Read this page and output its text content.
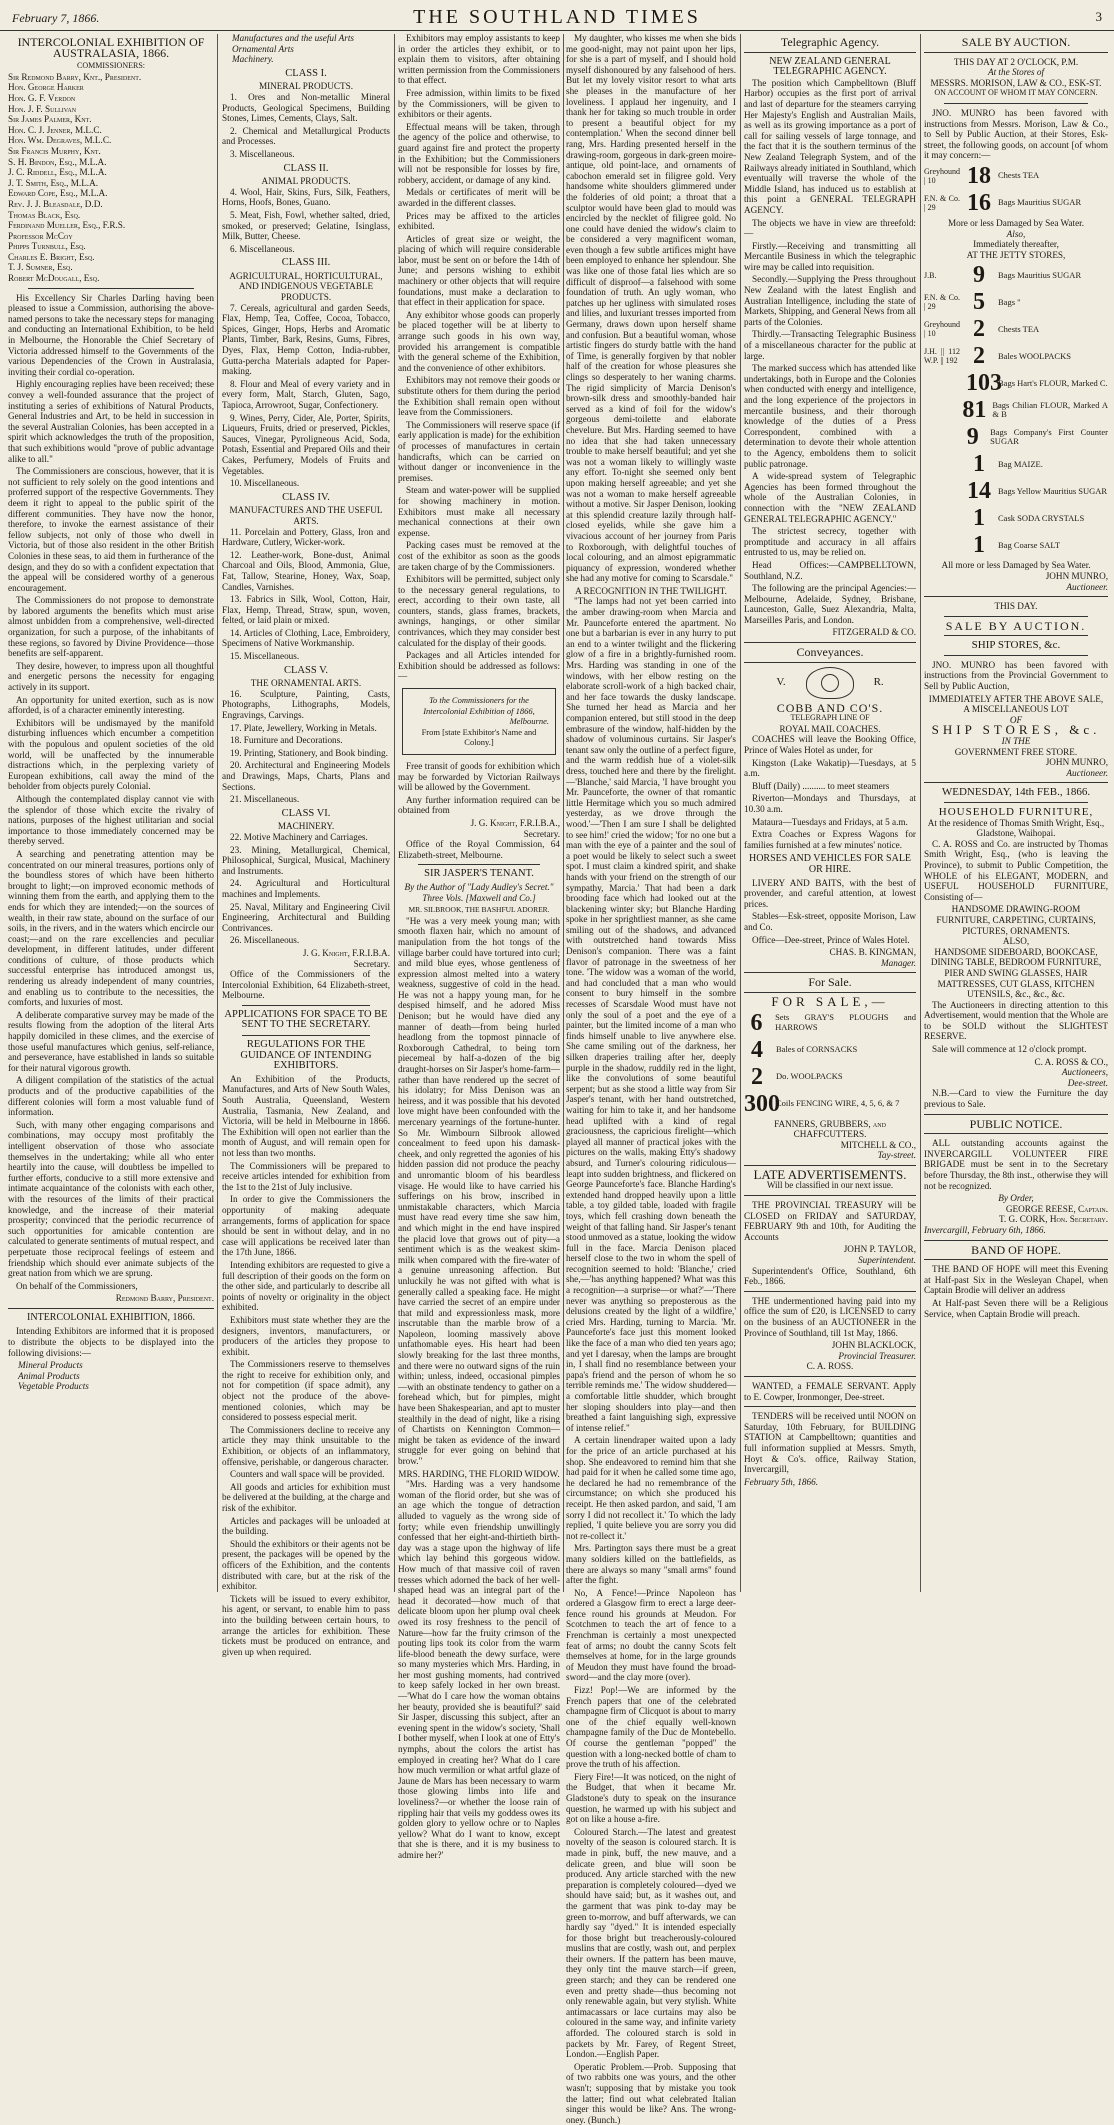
February 7, 1866.	THE SOUTHLAND TIMES	3
INTERCOLONIAL EXHIBITION OF AUSTRALASIA, 1866.
COMMISSIONERS:
Sir Redmond Barry, Knt., President.
Hon. George Harker
Hon. G. F. Verdon
Hon. J. F. Sullivan
Sir James Palmer, Knt.
Hon. C. J. Jenner, M.L.C.
Hon. Wm. Degraves, M.L.C.
Sir Francis Murphy, Knt.
S. H. Bindon, Esq., M.L.A.
J. C. Riddell, Esq., M.L.A.
J. T. Smith, Esq., M.L.A.
Edward Cope, Esq., M.L.A.
Rev. J. J. Bleasdale, D.D.
Thomas Black, Esq.
Ferdinand Mueller, Esq., F.R.S.
Professor McCoy
Phipps Turnbull, Esq.
Charles E. Bright, Esq.
T. J. Sumner, Esq.
Robert McDougall, Esq.

His Excellency Sir Charles Darling having been pleased to issue a Commission, authorising the above-named persons to take the necessary steps for managing and conducting an International Exhibition, to be held in Melbourne, the Honorable the Chief Secretary of Victoria addressed himself to the Governments of the various Dependencies of the Crown in Australasia, inviting their cordial co-operation.

Highly encouraging replies have been received; these convey a well-founded assurance that the project of instituting a series of exhibitions of Natural Products, General Industries and Art, to be held in succession in the several Australian Colonies, has been accepted in a spirit which acknowledges the truth of the proposition, that such exhibitions would "prove of public advantage alike to all."

The Commissioners are conscious, however, that it is not sufficient to rely solely on the good intentions and proferred support of the respective Governments. They deem it right to appeal to the public spirit of the different communities. They have now the honor, therefore, to invoke the earnest assistance of their fellow subjects, not only of those who dwell in Victoria, but of those also resident in the other British Colonies in these seas, to aid them in furtherance of the design, and they do so with a confident expectation that the appeal will be considered worthy of a generous encouragement.

The Commissioners do not propose to demonstrate by labored arguments the benefits which must arise almost unbidden from a comprehensive, well-directed organization, for such a purpose, of the inhabitants of these regions, so favored by Divine Providence—those benefits are self-apparent.

They desire, however, to impress upon all thoughtful and energetic persons the necessity for engaging actively in its support.

An opportunity for united exertion, such as is now afforded, is of a character eminently interesting.

Exhibitors will be undismayed by the manifold disturbing influences which encumber a competition with the populous and opulent societies of the old world, will be unaffected by the innumerable distractions which, in the perplexing variety of European exhibitions, call away the mind of the beholder from objects purely Colonial.

Although the contemplated display cannot vie with the splendor of those which excite the rivalry of nations, purposes of the highest utilitarian and social importance to those immediately concerned may be thereby served.

A searching and penetrating attention may be concentrated on our mineral treasures, portions only of the boundless stores of which have been hitherto brought to light;—on improved economic methods of winning them from the earth, and applying them to the ends for which they are intended;—on the sources of wealth, in their raw state, abound on the surface of our soils, in the rivers, and in the waters which encircle our coast;—and on the rare excellencies and peculiar development, in different latitudes, under different conditions of culture, of those products which successful enterprise has introduced amongst us, rendering us already independent of many countries, and enabling us to contribute to the necessities, the comforts, and luxuries of most.

A deliberate comparative survey may be made of the results flowing from the adoption of the literal Arts happily domiciled in these climes, and the exercise of those useful manufactures which genius, self-reliance, and perseverance, have established in lands so suitable for their natural vigorous growth.

A diligent compilation of the statistics of the actual products and of the productive capabilities of the different colonies will form a most valuable fund of information.

Such, with many other engaging comparisons and combinations, may occupy most profitably the intelligent observation of those who associate themselves in the undertaking; while all who enter heartily into the cause, will doubtless be impelled to further efforts, conducive to a still more extensive and intimate acquaintance of the colonists with each other, with the resources of the limits of their practical knowledge, and the increase of their material prosperity; convinced that the periodic recurrence of such opportunities for amicable contention are calculated to generate sentiments of mutual respect, and perpetuate those reciprocal feelings of esteem and friendship which should ever animate subjects of the great nation from which we are sprung.

On behalf of the Commissioners,

Redmond Barry, President.
INTERCOLONIAL EXHIBITION, 1866.

Intending Exhibitors are informed that it is proposed to distribute the objects to be displayed into the following divisions:—

Mineral Products
Animal Products
Vegetable Products
Manufactures and the useful Arts
Ornamental Arts
Machinery.
CLASS I.
MINERAL PRODUCTS.

1. Ores and Non-metallic Mineral Products, Geological Specimens, Building Stones, Limes, Cements, Clays, Salt.

2. Chemical and Metallurgical Products and Processes.

3. Miscellaneous.

CLASS II.
ANIMAL PRODUCTS.

4. Wool, Hair, Skins, Furs, Silk, Feathers, Horns, Hoofs, Bones, Guano.

5. Meat, Fish, Fowl, whether salted, dried, smoked, or preserved; Gelatine, Isinglass, Milk, Butter, Cheese.

6. Miscellaneous.

CLASS III.
AGRICULTURAL, HORTICULTURAL, AND INDIGENOUS VEGETABLE PRODUCTS.

7. Cereals, agricultural and garden Seeds, Flax, Hemp, Tea, Coffee, Cocoa, Tobacco, Spices, Ginger, Hops, Herbs and Aromatic Plants, Timber, Bark, Resins, Gums, Fibres, Dyes, Flax, Hemp Cotton, India-rubber, Gutta-percha Materials adapted for Paper-making.

8. Flour and Meal of every variety and in every form, Malt, Starch, Gluten, Sago, Tapioca, Arrowroot, Sugar, Confectionery.

9. Wines, Perry, Cider, Ale, Porter, Spirits, Liqueurs, Fruits, dried or preserved, Pickles, Sauces, Vinegar, Pyroligneous Acid, Soda, Potash, Essential and Prepared Oils and their Cakes, Perfumery, Models of Fruits and Vegetables.

10. Miscellaneous.

CLASS IV.
MANUFACTURES AND THE USEFUL ARTS.

11. Porcelain and Pottery, Glass, Iron and Hardware, Cutlery, Wicker-work.

12. Leather-work, Bone-dust, Animal Charcoal and Oils, Blood, Ammonia, Glue, Fat, Tallow, Stearine, Honey, Wax, Soap, Candles, Varnishes.

13. Fabrics in Silk, Wool, Cotton, Hair, Flax, Hemp, Thread, Straw, spun, woven, felted, or laid plain or mixed.

14. Articles of Clothing, Lace, Embroidery, Specimens of Native Workmanship.

15. Miscellaneous.

CLASS V.
THE ORNAMENTAL ARTS.

16. Sculpture, Painting, Casts, Photographs, Lithographs, Models, Engravings, Carvings.

17. Plate, Jewellery, Working in Metals.

18. Furniture and Decorations.

19. Printing, Stationery, and Book binding.

20. Architectural and Engineering Models and Drawings, Maps, Charts, Plans and Sections.

21. Miscellaneous.

CLASS VI.
MACHINERY.

22. Motive Machinery and Carriages.

23. Mining, Metallurgical, Chemical, Philosophical, Surgical, Musical, Machinery and Instruments.

24. Agricultural and Horticultural machines and Implements.

25. Naval, Military and Engineering Civil Engineering, Architectural and Building Contrivances.

26. Miscellaneous.

J. G. Knight, F.R.I.B.A.
Secretary.

Office of the Commissioners of the Intercolonial Exhibition, 64 Elizabeth-street, Melbourne.

APPLICATIONS FOR SPACE TO BE SENT TO THE SECRETARY.
REGULATIONS FOR THE GUIDANCE OF INTENDING EXHIBITORS.

An Exhibition of the Products, Manufactures, and Arts of New South Wales, South Australia, Queensland, Western Australia, Tasmania, New Zealand, and Victoria, will be held in Melbourne in 1866. The Exhibition will open not earlier than the month of August, and will remain open for not less than two months.

The Commissioners will be prepared to receive articles intended for exhibition from the 1st to the 21st of July inclusive.

In order to give the Commissioners the opportunity of making adequate arrangements, forms of application for space should be sent in without delay, and in no case will applications be received later than the 17th June, 1866.

Intending exhibitors are requested to give a full description of their goods on the form on the other side, and particularly to describe all points of novelty or originality in the object exhibited.

Exhibitors must state whether they are the designers, inventors, manufacturers, or producers of the articles they propose to exhibit.

The Commissioners reserve to themselves the right to receive for exhibition only, and not for competition (if space admit), any object not the produce of the above-mentioned colonies, which may be considered to possess especial merit.

The Commissioners decline to receive any article they may think unsuitable to the Exhibition, or objects of an inflammatory, offensive, perishable, or dangerous character.

Counters and wall space will be provided.

All goods and articles for exhibition must be delivered at the building, at the charge and risk of the exhibitor.

Articles and packages will be unloaded at the building.

Should the exhibitors or their agents not be present, the packages will be opened by the officers of the Exhibition, and the contents distributed with care, but at the risk of the exhibitor.

Tickets will be issued to every exhibitor, his agent, or servant, to enable him to pass into the building between certain hours, to arrange the articles for exhibition. These tickets must be produced on entrance, and given up when required.

Exhibitors may employ assistants to keep in order the articles they exhibit, or to explain them to visitors, after obtaining written permission from the Commissioners to that effect.

Free admission, within limits to be fixed by the Commissioners, will be given to exhibitors or their agents.

Effectual means will be taken, through the agency of the police and otherwise, to guard against fire and protect the property in the Exhibition; but the Commissioners will not be responsible for losses by fire, robbery, accident, or damage of any kind.

Medals or certificates of merit will be awarded in the different classes.

Prices may be affixed to the articles exhibited.

Articles of great size or weight, the placing of which will require considerable labor, must be sent on or before the 14th of June; and persons wishing to exhibit machinery or other objects that will require foundations, must make a declaration to that effect in their application for space.

Any exhibitor whose goods can properly be placed together will be at liberty to arrange such goods in his own way, provided his arrangement is compatible with the general scheme of the Exhibition, and the convenience of other exhibitors.

Exhibitors may not remove their goods or substitute others for them during the period the Exhibition shall remain open without leave from the Commissioners.

The Commissioners will reserve space (if early application is made) for the exhibition of processes of manufactures in certain handicrafts, which can be carried on without danger or inconvenience in the premises.

Steam and water-power will be supplied for showing machinery in motion. Exhibitors must make all necessary mechanical connections at their own expense.

Packing cases must be removed at the cost of the exhibitor as soon as the goods are taken charge of by the Commissioners.

Exhibitors will be permitted, subject only to the necessary general regulations, to erect, according to their own taste, all counters, stands, glass frames, brackets, awnings, hangings, or other similar contrivances, which they may consider best calculated for the display of their goods.

Packages and all Articles intended for Exhibition should be addressed as follows:—

To the Commissioners for the
Intercolonial Exhibition of 1866,
Melbourne.
From [state Exhibitor's Name and Colony.]

Free transit of goods for exhibition which may be forwarded by Victorian Railways will be allowed by the Government.

Any further information required can be obtained from

J. G. Knight, F.R.I.B.A.,
Secretary.

Office of the Royal Commission, 64 Elizabeth-street, Melbourne.

SIR JASPER'S TENANT.

By the Author of "Lady Audley's Secret." Three Vols. [Maxwell and Co.]

MR. SILBROOK, THE BASHFUL ADORER.

"He was a very meek young man; with smooth flaxen hair, which no amount of manipulation from the hot tongs of the village barber could have tortured into curl; and mild blue eyes, whose gentleness of expression almost melted into a watery weakness, suggestive of cold in the head. He was not a happy young man, for he despised himself, and he adored Miss Denison; but he would have died any manner of death—from being hurled headlong from the topmost pinnacle of Roxborough Cathedral, to being torn piecemeal by half-a-dozen of the big draught-horses on Sir Jasper's home-farm—rather than have rendered up the secret of his idolatry; for Miss Denison was an heiress, and it was possible that his devoted love might have been confounded with the mercenary yearnings of the fortune-hunter. So Mr. Wimbourn Silbrook allowed concealment to feed upon his damask-cheek, and only regretted the agonies of his hidden passion did not produce the peachy and unromantic bloom of his beardless visage. He would like to have carried his sufferings on his brow, inscribed in unmistakable characters, which Marcia must have read every time she saw him, and which might in the end have inspired the placid love that grows out of pity—a sentiment which is as the weakest skim-milk when compared with the fire-water of a genuine unreasoning affection. But unluckily he was not gifted with what is generally called a speaking face. He might have carried the secret of an empire under that mild and expressionless mask, more inscrutable than the marble brow of a Napoleon, looming massively above unfathomable eyes. His heart had been slowly breaking for the last three months, and there were no outward signs of the ruin within; unless, indeed, occasional pimples—with an obstinate tendency to gather on a forehead which, but for pimples, might have been Shakespearian, and apt to muster stealthily in the dead of night, like a rising of Chartists on Kennington Common—might be taken as evidence of the inward struggle for ever going on behind that brow."

MRS. HARDING, THE FLORID WIDOW.

"Mrs. Harding was a very handsome woman of the florid order, but she was of an age which the tongue of detraction alluded to vaguely as the wrong side of forty; while even friendship unwillingly confessed that her eight-and-thirtieth birth-day was a stage upon the highway of life which lay behind this gorgeous widow. How much of that massive coil of raven tresses which adorned the back of her well-shaped head was an integral part of the head it decorated—how much of that delicate bloom upon her plump oval cheek owed its rosy freshness to the pencil of Nature—how far the fruity crimson of the pouting lips took its color from the warm life-blood beneath the dewy surface, were so many mysteries which Mrs. Harding, in her most gushing moments, had contrived to keep safely locked in her own breast.—'What do I care how the woman obtains her beauty, provided she is beautiful?' said Sir Jasper, discussing this subject, after an evening spent in the widow's society, 'Shall I bother myself, when I look at one of Etty's nymphs, about the colors the artist has employed in creating her? What do I care how much vermilion or what artful glaze of Jaune de Mars has been necessary to warm those glowing limbs into life and loveliness?—or whether the loose rain of rippling hair that veils my goddess owes its golden glory to yellow ochre or to Naples yellow? What do I want to know, except that she is there, and it is my business to admire her?'

My daughter, who kisses me when she bids me good-night, may not paint upon her lips, for she is a part of myself, and I should hold myself dishonoured by any falsehood of hers. But let my lovely visitor resort to what arts she pleases in the manufacture of her loveliness. I applaud her ingenuity, and I thank her for taking so much trouble in order to present a beautiful object for my contemplation.' When the second dinner bell rang, Mrs. Harding presented herself in the drawing-room, gorgeous in dark-green moire-antique, old point-lace, and ornaments of cabochon emerald set in filigree gold. Very handsome white shoulders glimmered under the folderies of old point; a throat that a sculptor would have been glad to mould was encircled by the necklet of filigree gold. No one could have denied the widow's claim to be considered a very magnificent woman, even though a few subtle artifices might have been employed to enhance her splendour. She was like one of those fatal lies which are so difficult of disproof—a falsehood with some foundation of truth. An ugly woman, who patches up her ugliness with simulated roses and lilies, and luxuriant tresses imported from Germany, draws down upon herself shame and confusion. But a beautiful woman, whose artistic fingers do sturdy battle with the hand of Time, is generally forgiven by that nobler half of the creation for whose pleasures she clings so desperately to her waning charms. The rigid simplicity of Marcia Denison's brown-silk dress and smoothly-banded hair served as a kind of foil for the widow's gorgeous demi-toilette and elaborate chevelure. But Mrs. Harding seemed to have no idea that she had taken unnecessary trouble to make herself beautiful; and yet she was not a woman likely to willingly waste any effort. To-night she seemed only bent upon making herself agreeable; and yet she was not a woman to make herself agreeable without a motive. Sir Jasper Denison, looking at this splendid creature lazily through half-closed eyelids, while she gave him a vivacious account of her journey from Paris to Roxborough, with delightful touches of local colouring, and an almost epigrammatic piquancy of expression, wondered whether she had any motive for coming to Scarsdale."

A RECOGNITION IN THE TWILIGHT.

"The lamps had not yet been carried into the amber drawing-room when Marcia and Mr. Paunceforte entered the apartment. No one but a barbarian is ever in any hurry to put an end to a winter twilight and the flickering glow of a fire in a brightly-furnished room. Mrs. Harding was standing in one of the windows, with her elbow resting on the elaborate scroll-work of a high backed chair, and her face towards the dusky landscape. She turned her head as Marcia and her companion entered, but still stood in the deep embrasure of the window, half-hidden by the shadow of voluminous curtains. Sir Jasper's tenant saw only the outline of a perfect figure, and the warm reddish hue of a violet-silk dress, touched here and there by the firelight.—'Blanche,' said Marcia, 'I have brought you Mr. Paunceforte, the owner of that romantic little Hermitage which you so much admired yesterday, as we drove through the wood.'—'Then I am sure I shall be delighted to see him!' cried the widow; 'for no one but a man with the eye of a painter and the soul of a poet would be likely to select such a sweet spot. I must claim a kindred spirit, and shake hands with your friend on the strength of our sympathy, Marcia.' That had been a dark brooding face which had looked out at the blackening winter sky; but Blanche Harding spoke in her sprightliest manner, as she came smiling out of the shadows, and advanced with outstretched hand towards Miss Denison's companion. There was a faint flavor of patronage in the sweetness of her tone. 'The widow was a woman of the world, and had concluded that a man who would consent to bury himself in the sombre recesses of Scarsdale Wood must have not only the soul of a poet and the eye of a painter, but the limited income of a man who finds himself unable to live anywhere else. She came smiling out of the darkness, her silken draperies trailing after her, deeply purple in the shadow, ruddily red in the light, like the convolutions of some beautiful serpent; but as she stood a little way from Sir Jasper's tenant, with her hand outstretched, waiting for him to take it, and her handsome head uplifted with a kind of regal graciousness, the capricious firelight—which played all manner of practical jokes with the pictures on the walls, making Etty's shadowy absurd, and Turner's colouring ridiculous—leapt into sudden brightness, and flickered on George Paunceforte's face. Blanche Harding's extended hand dropped heavily upon a little table, a toy gilded table, loaded with fragile toys, which fell crashing down beneath the weight of that falling hand. Sir Jasper's tenant stood unmoved as a statue, looking the widow full in the face. Marcia Denison placed herself close to the two in whom the spell of recognition seemed to hold: 'Blanche,' cried she,—'has anything happened? What was this a recognition—a surprise—or what?'—'There never was anything so preposterous as the delusions created by the light of a wildfire,' cried Mrs. Harding, turning to Marcia. 'Mr. Paunceforte's face just this moment looked like the face of a man who died ten years ago; and yet I daresay, when the lamps are brought in, I shall find no resemblance between your papa's friend and the person of whom he so terrible reminds me.' The widow shuddered—a comfortable little shudder, which brought her sloping shoulders into play—and then breathed a faint languishing sigh, expressive of intense relief."

A certain linendraper waited upon a lady for the price of an article purchased at his shop. She endeavored to remind him that she had paid for it when he called some time ago, he declared he had no remembrance of the circumstance; on which she produced his receipt. He then asked pardon, and said, 'I am sorry I did not recollect it.' To which the lady replied, 'I quite believe you are sorry you did not re-collect it.'

Mrs. Partington says there must be a great many soldiers killed on the battlefields, as there are always so many "small arms" found after the fight.

No, A Fence!—Prince Napoleon has ordered a Glasgow firm to erect a large deer-fence round his grounds at Meudon. For Scotchmen to teach the art of fence to a Frenchman is certainly a most unexpected feat of arms; no doubt the canny Scots felt themselves at home, for in the large grounds of Meudon they must have found the broad-sword—and the clay more (over).

Fizz! Pop!—We are informed by the French papers that one of the celebrated champagne firm of Clicquot is about to marry one of the chief equally well-known champagne family of the Duc de Montebello. Of course the gentleman "popped" the question with a long-necked bottle of cham to prove the truth of his affection.

Fiery Fire!—It was noticed, on the night of the Budget, that when it became Mr. Gladstone's duty to speak on the insurance question, he warmed up with his subject and got on like a house a-fire.

Coloured Starch.—The latest and greatest novelty of the season is coloured starch. It is made in pink, buff, the new mauve, and a delicate green, and blue will soon be produced. Any article starched with the new preparation is completely coloured—dyed we should have said; but, as it washes out, and the garment that was pink to-day may be green to-morrow, and buff afterwards, we can hardly say "dyed." It is intended especially for those bright but treacherously-coloured muslins that are costly, wash out, and perplex their owners. If the pattern has been mauve, they only tint the mauve starch—if green, green starch; and they can be rendered one even and pretty shade—thus becoming not only renewable again, but very stylish. White antimacassars or lace curtains may also be coloured in the same way, and infinite variety afforded. The coloured starch is sold in packets by Mr. Farey, of Regent Street, London.—English Paper.

Operatic Problem.—Prob. Supposing that of two rabbits one was yours, and the other wasn't; supposing that by mistake you took the latter; find out what celebrated Italian singer this would be like? Ans. The wrong-oney. (Bunch.)

Telegraphic Agency.
NEW ZEALAND GENERAL TELEGRAPHIC AGENCY.

The position which Campbelltown (Bluff Harbor) occupies as the first port of arrival and last of departure for the steamers carrying Her Majesty's English and Australian Mails, as well as its growing importance as a port of call for sailing vessels of large tonnage, and the fact that it is the southern terminus of the New Zealand Telegraph System, and of the Railways already initiated in Southland, which eventually will traverse the whole of the Middle Island, has induced us to establish at this point a GENERAL TELEGRAPH AGENCY.

The objects we have in view are threefold:—

Firstly.—Receiving and transmitting all Mercantile Business in which the telegraphic wire may be called into requisition.

Secondly.—Supplying the Press throughout New Zealand with the latest English and Australian Intelligence, including the state of Markets, Shipping, and General News from all parts of the Colonies.

Thirdly.—Transacting Telegraphic Business of a miscellaneous character for the public at large.

The marked success which has attended like undertakings, both in Europe and the Colonies when conducted with energy and intelligence, and the long experience of the projectors in mercantile business, and their thorough knowledge of the duties of a Press Correspondent, combined with a determination to devote their whole attention to the Agency, emboldens them to solicit public patronage.

A wide-spread system of Telegraphic Agencies has been formed throughout the whole of the Australian Colonies, in connection with the "NEW ZEALAND GENERAL TELEGRAPHIC AGENCY."

The strictest secrecy, together with promptitude and accuracy in all affairs entrusted to us, may be relied on.

Head Offices:—CAMPBELLTOWN, Southland, N.Z.

The following are the principal Agencies:—Melbourne, Adelaide, Sydney, Brisbane, Launceston, Galle, Suez Alexandria, Malta, Marseilles Paris, and London.

FITZGERALD & CO.
Conveyances.
V.	R.
COBB AND CO'S.
TELEGRAPH LINE OF
ROYAL MAIL COACHES.

COACHES will leave the Booking Office, Prince of Wales Hotel as under, for

Kingston (Lake Wakatip)—Tuesdays, at 5 a.m.

Bluff (Daily) .......... to meet steamers

Riverton—Mondays and Thursdays, at 10.30 a.m.

Mataura—Tuesdays and Fridays, at 5 a.m.

Extra Coaches or Express Wagons for families furnished at a few minutes' notice.

HORSES AND VEHICLES FOR SALE OR HIRE.

LIVERY AND BAITS, with the best of provender, and careful attention, at lowest prices.

Stables—Esk-street, opposite Morison, Law and Co.

Office—Dee-street, Prince of Wales Hotel.

CHAS. B. KINGMAN,
Manager.
For Sale.
FOR SALE,—
6	Sets GRAY'S PLOUGHS and HARROWS
4	Bales of CORNSACKS
2	Do. WOOLPACKS
300
Coils FENCING WIRE, 4, 5, 6, & 7
FANNERS, GRUBBERS, and CHAFFCUTTERS.
MITCHELL & CO.,
Tay-street.
LATE ADVERTISEMENTS.
Will be classified in our next issue.

THE PROVINCIAL TREASURY will be CLOSED on FRIDAY and SATURDAY, FEBRUARY 9th and 10th, for Auditing the Accounts

JOHN P. TAYLOR,
Superintendent.

Superintendent's Office, Southland, 6th Feb., 1866.

THE undermentioned having paid into my office the sum of £20, is LICENSED to carry on the business of an AUCTIONEER in the Province of Southland, till 1st May, 1866.

JOHN BLACKLOCK,
Provincial Treasurer.
C. A. ROSS.

WANTED, a FEMALE SERVANT. Apply to E. Cowper, Ironmonger, Dee-street.

TENDERS will be received until NOON on Saturday, 10th February, for BUILDING STATION at Campbelltown; quantities and full information supplied at Messrs. Smyth, Hoyt & Co's. office, Railway Station, Invercargill,

February 5th, 1866.
SALE BY AUCTION.
THIS DAY AT 2 O'CLOCK, P.M.
At the Stores of
MESSRS. MORISON, LAW & CO., ESK-ST.
ON ACCOUNT OF WHOM IT MAY CONCERN.

JNO. MUNRO has been favored with instructions from Messrs. Morison, Law & Co., to Sell by Public Auction, at their Stores, Esk-street, the following goods, on account [of whom it may concern:—

Greyhound | 10	18 Chests TEA
F.N. & Co. | 29	16 Bags Mauritius SUGAR
More or less Damaged by Sea Water.
Also,
Immediately thereafter,
AT THE JETTY STORES,
J.B.	9	Bags Mauritius SUGAR
F.N. & Co. | 29	5	Bags "
Greyhound | 10	2	Chests TEA
J.H. || 112 W.P. || 192 2	Bales WOOLPACKS
103
Bags Hart's FLOUR, Marked C.
81 Bags Chilian FLOUR, Marked A & B
9	Bags Company's First Counter SUGAR
1	Bag MAIZE.
14 Bags Yellow Mauritius SUGAR
1	Cask SODA CRYSTALS
1	Bag Coarse SALT
All more or less Damaged by Sea Water.
JOHN MUNRO,
Auctioneer.
THIS DAY.
SALE BY AUCTION.
SHIP STORES, &c.

JNO. MUNRO has been favored with instructions from the Provincial Government to Sell by Public Auction,

IMMEDIATELY AFTER THE ABOVE SALE,
A MISCELLANEOUS LOT
OF
SHIP STORES, &c.
IN THE
GOVERNMENT FREE STORE.
JOHN MUNRO,
Auctioneer.
WEDNESDAY, 14th FEB., 1866.
HOUSEHOLD FURNITURE,
At the residence of Thomas Smith Wright, Esq., Gladstone, Waihopai.

C. A. ROSS and Co. are instructed by Thomas Smith Wright, Esq., (who is leaving the Province), to submit to Public Competition, the WHOLE of his ELEGANT, MODERN, and USEFUL HOUSEHOLD FURNITURE, Consisting of—

HANDSOME DRAWING-ROOM FURNITURE, CARPETING, CURTAINS, PICTURES, ORNAMENTS.
ALSO,
HANDSOME SIDEBOARD, BOOKCASE, DINING TABLE, BEDROOM FURNITURE, PIER AND SWING GLASSES, HAIR MATTRESSES, CUT GLASS, KITCHEN UTENSILS, &c., &c., &c.

The Auctioneers in directing attention to this Advertisement, would mention that the Whole are to be SOLD without the SLIGHTEST RESERVE.

Sale will commence at 12 o'clock prompt.

C. A. ROSS & CO.,
Auctioneers,
Dee-street.

N.B.—Card to view the Furniture the day previous to Sale.

PUBLIC NOTICE.

ALL outstanding accounts against the INVERCARGILL VOLUNTEER FIRE BRIGADE must be sent in to the Secretary before Thursday, the 8th inst., otherwise they will not be recognized.

By Order,
GEORGE REESE, Captain.
T. G. CORK, Hon. Secretary.
Invercargill, February 6th, 1866.
BAND OF HOPE.

THE BAND OF HOPE will meet this Evening at Half-past Six in the Wesleyan Chapel, when Captain Brodie will deliver an address

At Half-past Seven there will be a Religious Service, when Captain Brodie will preach.
